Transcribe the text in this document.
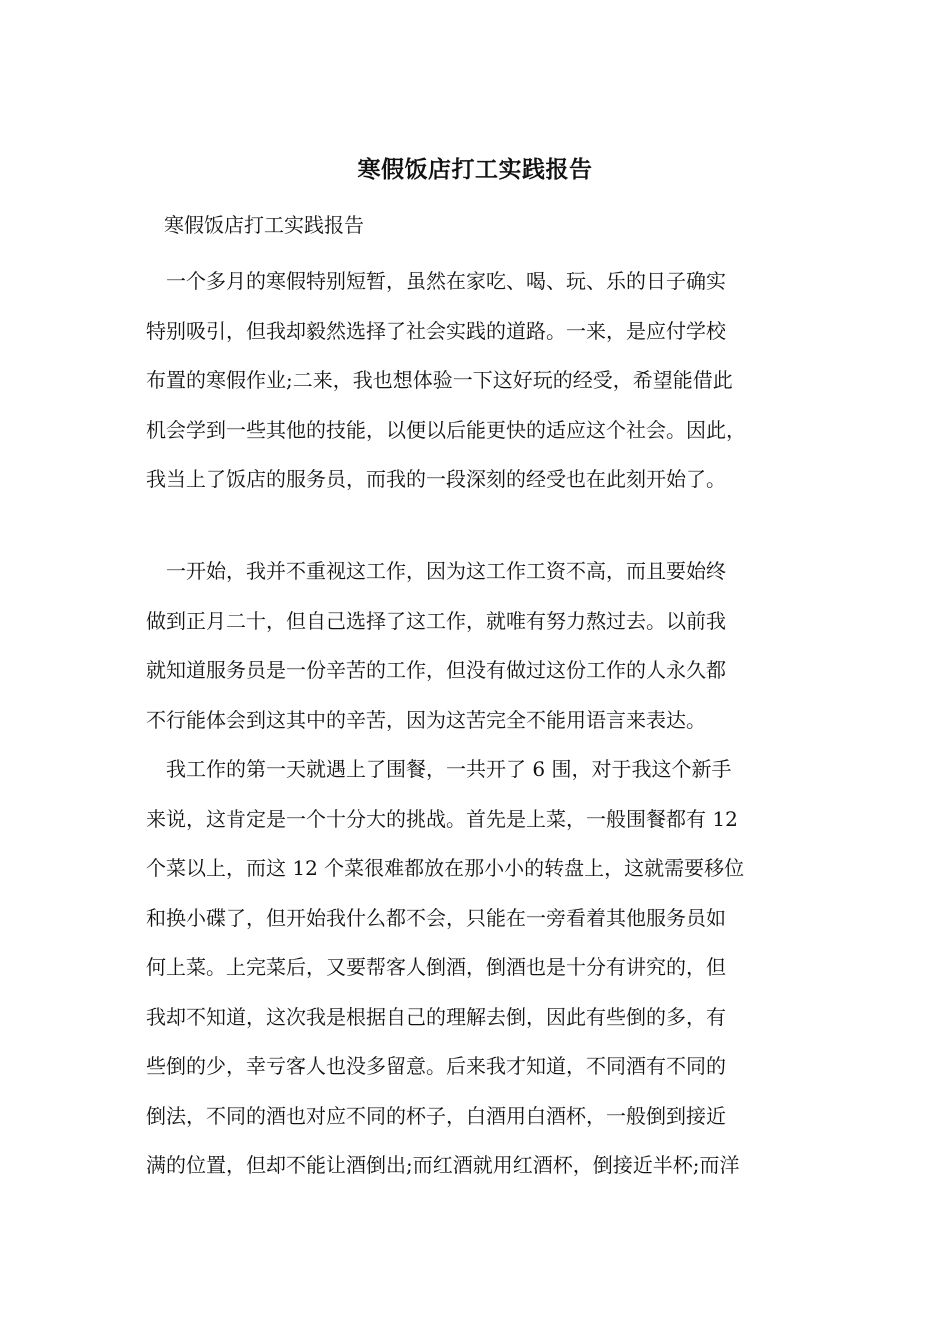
寒假饭店打工实践报告
寒假饭店打工实践报告
　一个多月的寒假特别短暂，虽然在家吃、喝、玩、乐的日子确实
特别吸引，但我却毅然选择了社会实践的道路。一来，是应付学校
布置的寒假作业;二来，我也想体验一下这好玩的经受，希望能借此
机会学到一些其他的技能，以便以后能更快的适应这个社会。因此，
我当上了饭店的服务员，而我的一段深刻的经受也在此刻开始了。
　一开始，我并不重视这工作，因为这工作工资不高，而且要始终
做到正月二十，但自己选择了这工作，就唯有努力熬过去。以前我
就知道服务员是一份辛苦的工作，但没有做过这份工作的人永久都
不行能体会到这其中的辛苦，因为这苦完全不能用语言来表达。
　我工作的第一天就遇上了围餐，一共开了 6 围，对于我这个新手
来说，这肯定是一个十分大的挑战。首先是上菜，一般围餐都有 12
个菜以上，而这 12 个菜很难都放在那小小的转盘上，这就需要移位
和换小碟了，但开始我什么都不会，只能在一旁看着其他服务员如
何上菜。上完菜后，又要帮客人倒酒，倒酒也是十分有讲究的，但
我却不知道，这次我是根据自己的理解去倒，因此有些倒的多，有
些倒的少，幸亏客人也没多留意。后来我才知道，不同酒有不同的
倒法，不同的酒也对应不同的杯子，白酒用白酒杯，一般倒到接近
满的位置，但却不能让酒倒出;而红酒就用红酒杯，倒接近半杯;而洋
